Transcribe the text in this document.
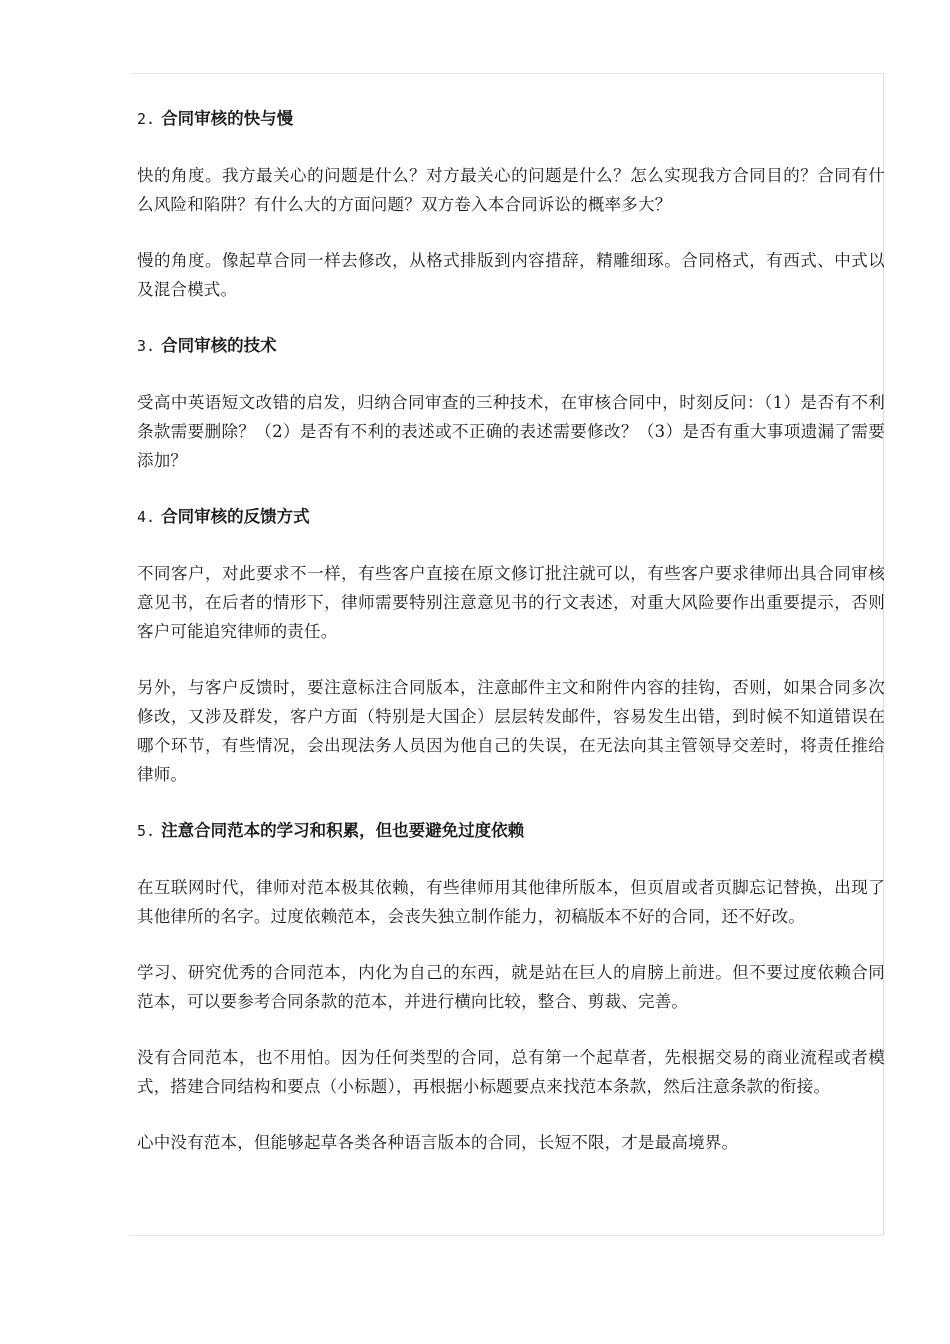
2. 合同审核的快与慢

快的角度。我方最关心的问题是什么？对方最关心的问题是什么？怎么实现我方合同目的？合同有什么风险和陷阱？有什么大的方面问题？双方卷入本合同诉讼的概率多大？

慢的角度。像起草合同一样去修改，从格式排版到内容措辞，精雕细琢。合同格式，有西式、中式以及混合模式。

3. 合同审核的技术

受高中英语短文改错的启发，归纳合同审查的三种技术，在审核合同中，时刻反问：（1）是否有不利条款需要删除？（2）是否有不利的表述或不正确的表述需要修改？（3）是否有重大事项遗漏了需要添加？

4. 合同审核的反馈方式

不同客户，对此要求不一样，有些客户直接在原文修订批注就可以，有些客户要求律师出具合同审核意见书，在后者的情形下，律师需要特别注意意见书的行文表述，对重大风险要作出重要提示，否则客户可能追究律师的责任。

另外，与客户反馈时，要注意标注合同版本，注意邮件主文和附件内容的挂钩，否则，如果合同多次修改，又涉及群发，客户方面（特别是大国企）层层转发邮件，容易发生出错，到时候不知道错误在哪个环节，有些情况，会出现法务人员因为他自己的失误，在无法向其主管领导交差时，将责任推给律师。

5. 注意合同范本的学习和积累，但也要避免过度依赖

在互联网时代，律师对范本极其依赖，有些律师用其他律所版本，但页眉或者页脚忘记替换，出现了其他律所的名字。过度依赖范本，会丧失独立制作能力，初稿版本不好的合同，还不好改。

学习、研究优秀的合同范本，内化为自己的东西，就是站在巨人的肩膀上前进。但不要过度依赖合同范本，可以要参考合同条款的范本，并进行横向比较，整合、剪裁、完善。

没有合同范本，也不用怕。因为任何类型的合同，总有第一个起草者，先根据交易的商业流程或者模式，搭建合同结构和要点（小标题），再根据小标题要点来找范本条款，然后注意条款的衔接。

心中没有范本，但能够起草各类各种语言版本的合同，长短不限，才是最高境界。
